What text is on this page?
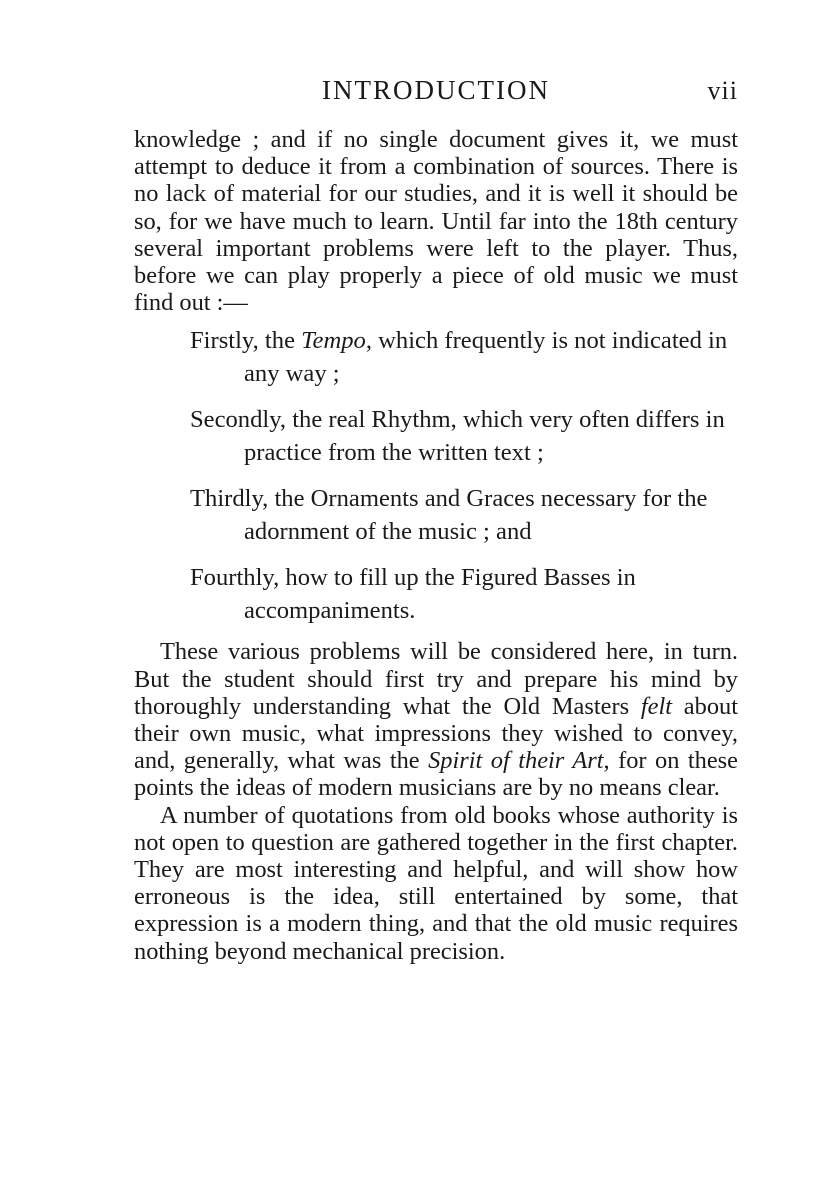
INTRODUCTION	vii

knowledge ; and if no single document gives it, we must attempt to deduce it from a combination of sources. There is no lack of material for our studies, and it is well it should be so, for we have much to learn. Until far into the 18th century several important problems were left to the player. Thus, before we can play properly a piece of old music we must find out :—

Firstly, the Tempo, which frequently is not indicated in any way ;

Secondly, the real Rhythm, which very often differs in practice from the written text ;

Thirdly, the Ornaments and Graces necessary for the adornment of the music ; and

Fourthly, how to fill up the Figured Basses in accompaniments.

These various problems will be considered here, in turn. But the student should first try and prepare his mind by thoroughly understanding what the Old Masters felt about their own music, what impressions they wished to convey, and, generally, what was the Spirit of their Art, for on these points the ideas of modern musicians are by no means clear.

A number of quotations from old books whose authority is not open to question are gathered together in the first chapter. They are most interesting and helpful, and will show how erroneous is the idea, still entertained by some, that expression is a modern thing, and that the old music requires nothing beyond mechanical precision.
